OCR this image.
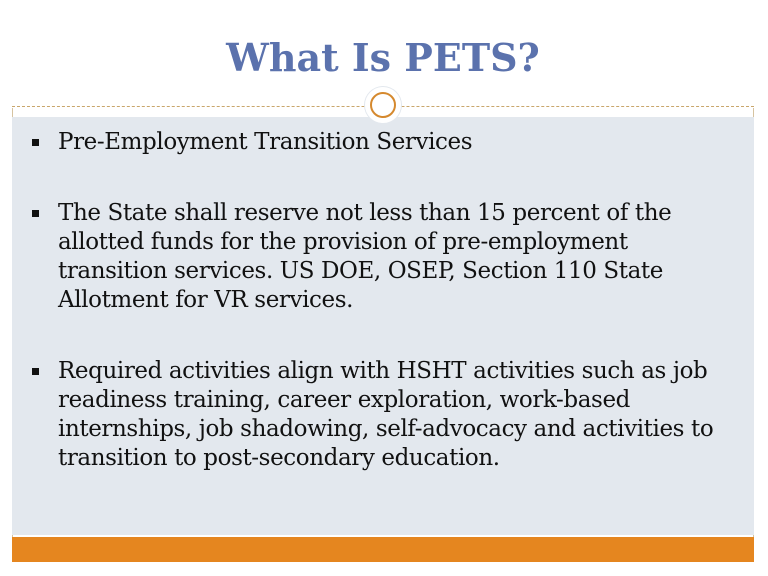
What Is PETS?
Pre-Employment Transition Services
The State shall reserve not less than 15 percent of the allotted funds for the provision of pre-employment transition services. US DOE, OSEP, Section 110 State Allotment for VR services.
Required activities align with HSHT activities such as job readiness training, career exploration, work-based internships, job shadowing, self-advocacy and activities to transition to post-secondary education.
